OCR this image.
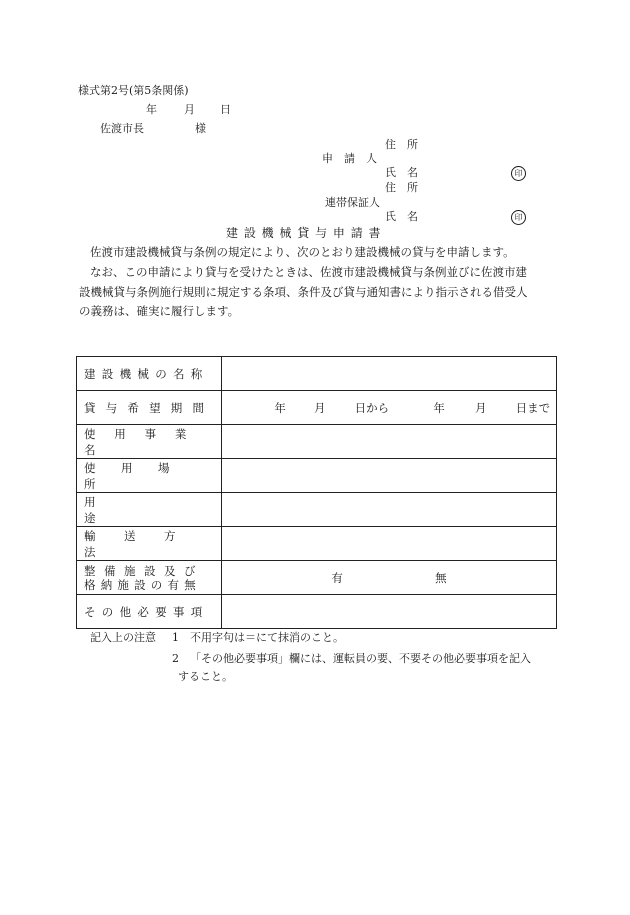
様式第2号(第5条関係)
年 月 日
佐渡市長	様
住　所
申　請　人
氏　名	印
住　所
連帯保証人
氏　名	印
建 設 機 械 貸 与 申 請 書
佐渡市建設機械貸与条例の規定により、次のとおり建設機械の貸与を申請します。
なお、この申請により貸与を受けたときは、佐渡市建設機械貸与条例並びに佐渡市建
設機械貸与条例施行規則に規定する条項、条件及び貸与通知書により指示される借受人
の義務は、確実に履行します。
建設機械の名称	

貸与希望期間	年 月 日から 年 月 日まで
使用事業名	
使用場所	
用途	
輸送方法	

整備施設及び
格納施設の有無	有 無
その他必要事項	
記入上の注意 1 不用字句は＝にて抹消のこと。
2 「その他必要事項」欄には、運転員の要、不要その他必要事項を記入
すること。
